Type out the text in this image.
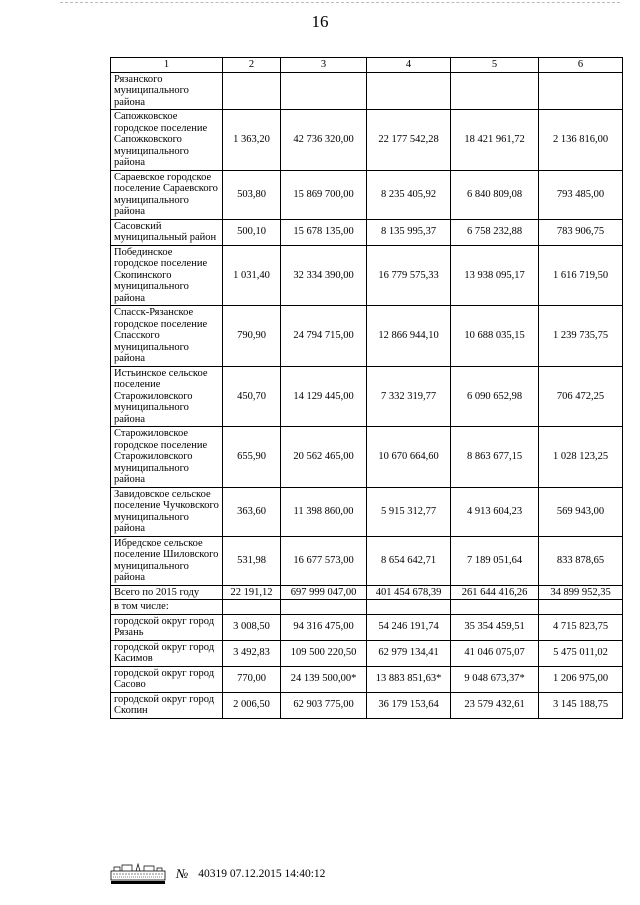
16
1	2	3	4	5	6
Рязанского муниципального района					
Сапожковское городское поселение Сапожковского муниципального района	1 363,20	42 736 320,00	22 177 542,28	18 421 961,72	2 136 816,00
Сараевское городское поселение Сараевского муниципального района	503,80	15 869 700,00	8 235 405,92	6 840 809,08	793 485,00
Сасовский муниципальный район	500,10	15 678 135,00	8 135 995,37	6 758 232,88	783 906,75
Побединское городское поселение Скопинского муниципального района	1 031,40	32 334 390,00	16 779 575,33	13 938 095,17	1 616 719,50
Спасск-Рязанское городское поселение Спасского муниципального района	790,90	24 794 715,00	12 866 944,10	10 688 035,15	1 239 735,75
Истьинское сельское поселение Старожиловского муниципального района	450,70	14 129 445,00	7 332 319,77	6 090 652,98	706 472,25
Старожиловское городское поселение Старожиловского муниципального района	655,90	20 562 465,00	10 670 664,60	8 863 677,15	1 028 123,25
Завидовское сельское поселение Чучковского муниципального района	363,60	11 398 860,00	5 915 312,77	4 913 604,23	569 943,00
Ибредское сельское поселение Шиловского муниципального района	531,98	16 677 573,00	8 654 642,71	7 189 051,64	833 878,65
Всего по 2015 году	22 191,12	697 999 047,00	401 454 678,39	261 644 416,26	34 899 952,35
в том числе:					
городской округ город Рязань	3 008,50	94 316 475,00	54 246 191,74	35 354 459,51	4 715 823,75
городской округ город Касимов	3 492,83	109 500 220,50	62 979 134,41	41 046 075,07	5 475 011,02
городской округ город Сасово	770,00	24 139 500,00*	13 883 851,63*	9 048 673,37*	1 206 975,00
городской округ город Скопин	2 006,50	62 903 775,00	36 179 153,64	23 579 432,61	3 145 188,75
№ 40319 07.12.2015 14:40:12
